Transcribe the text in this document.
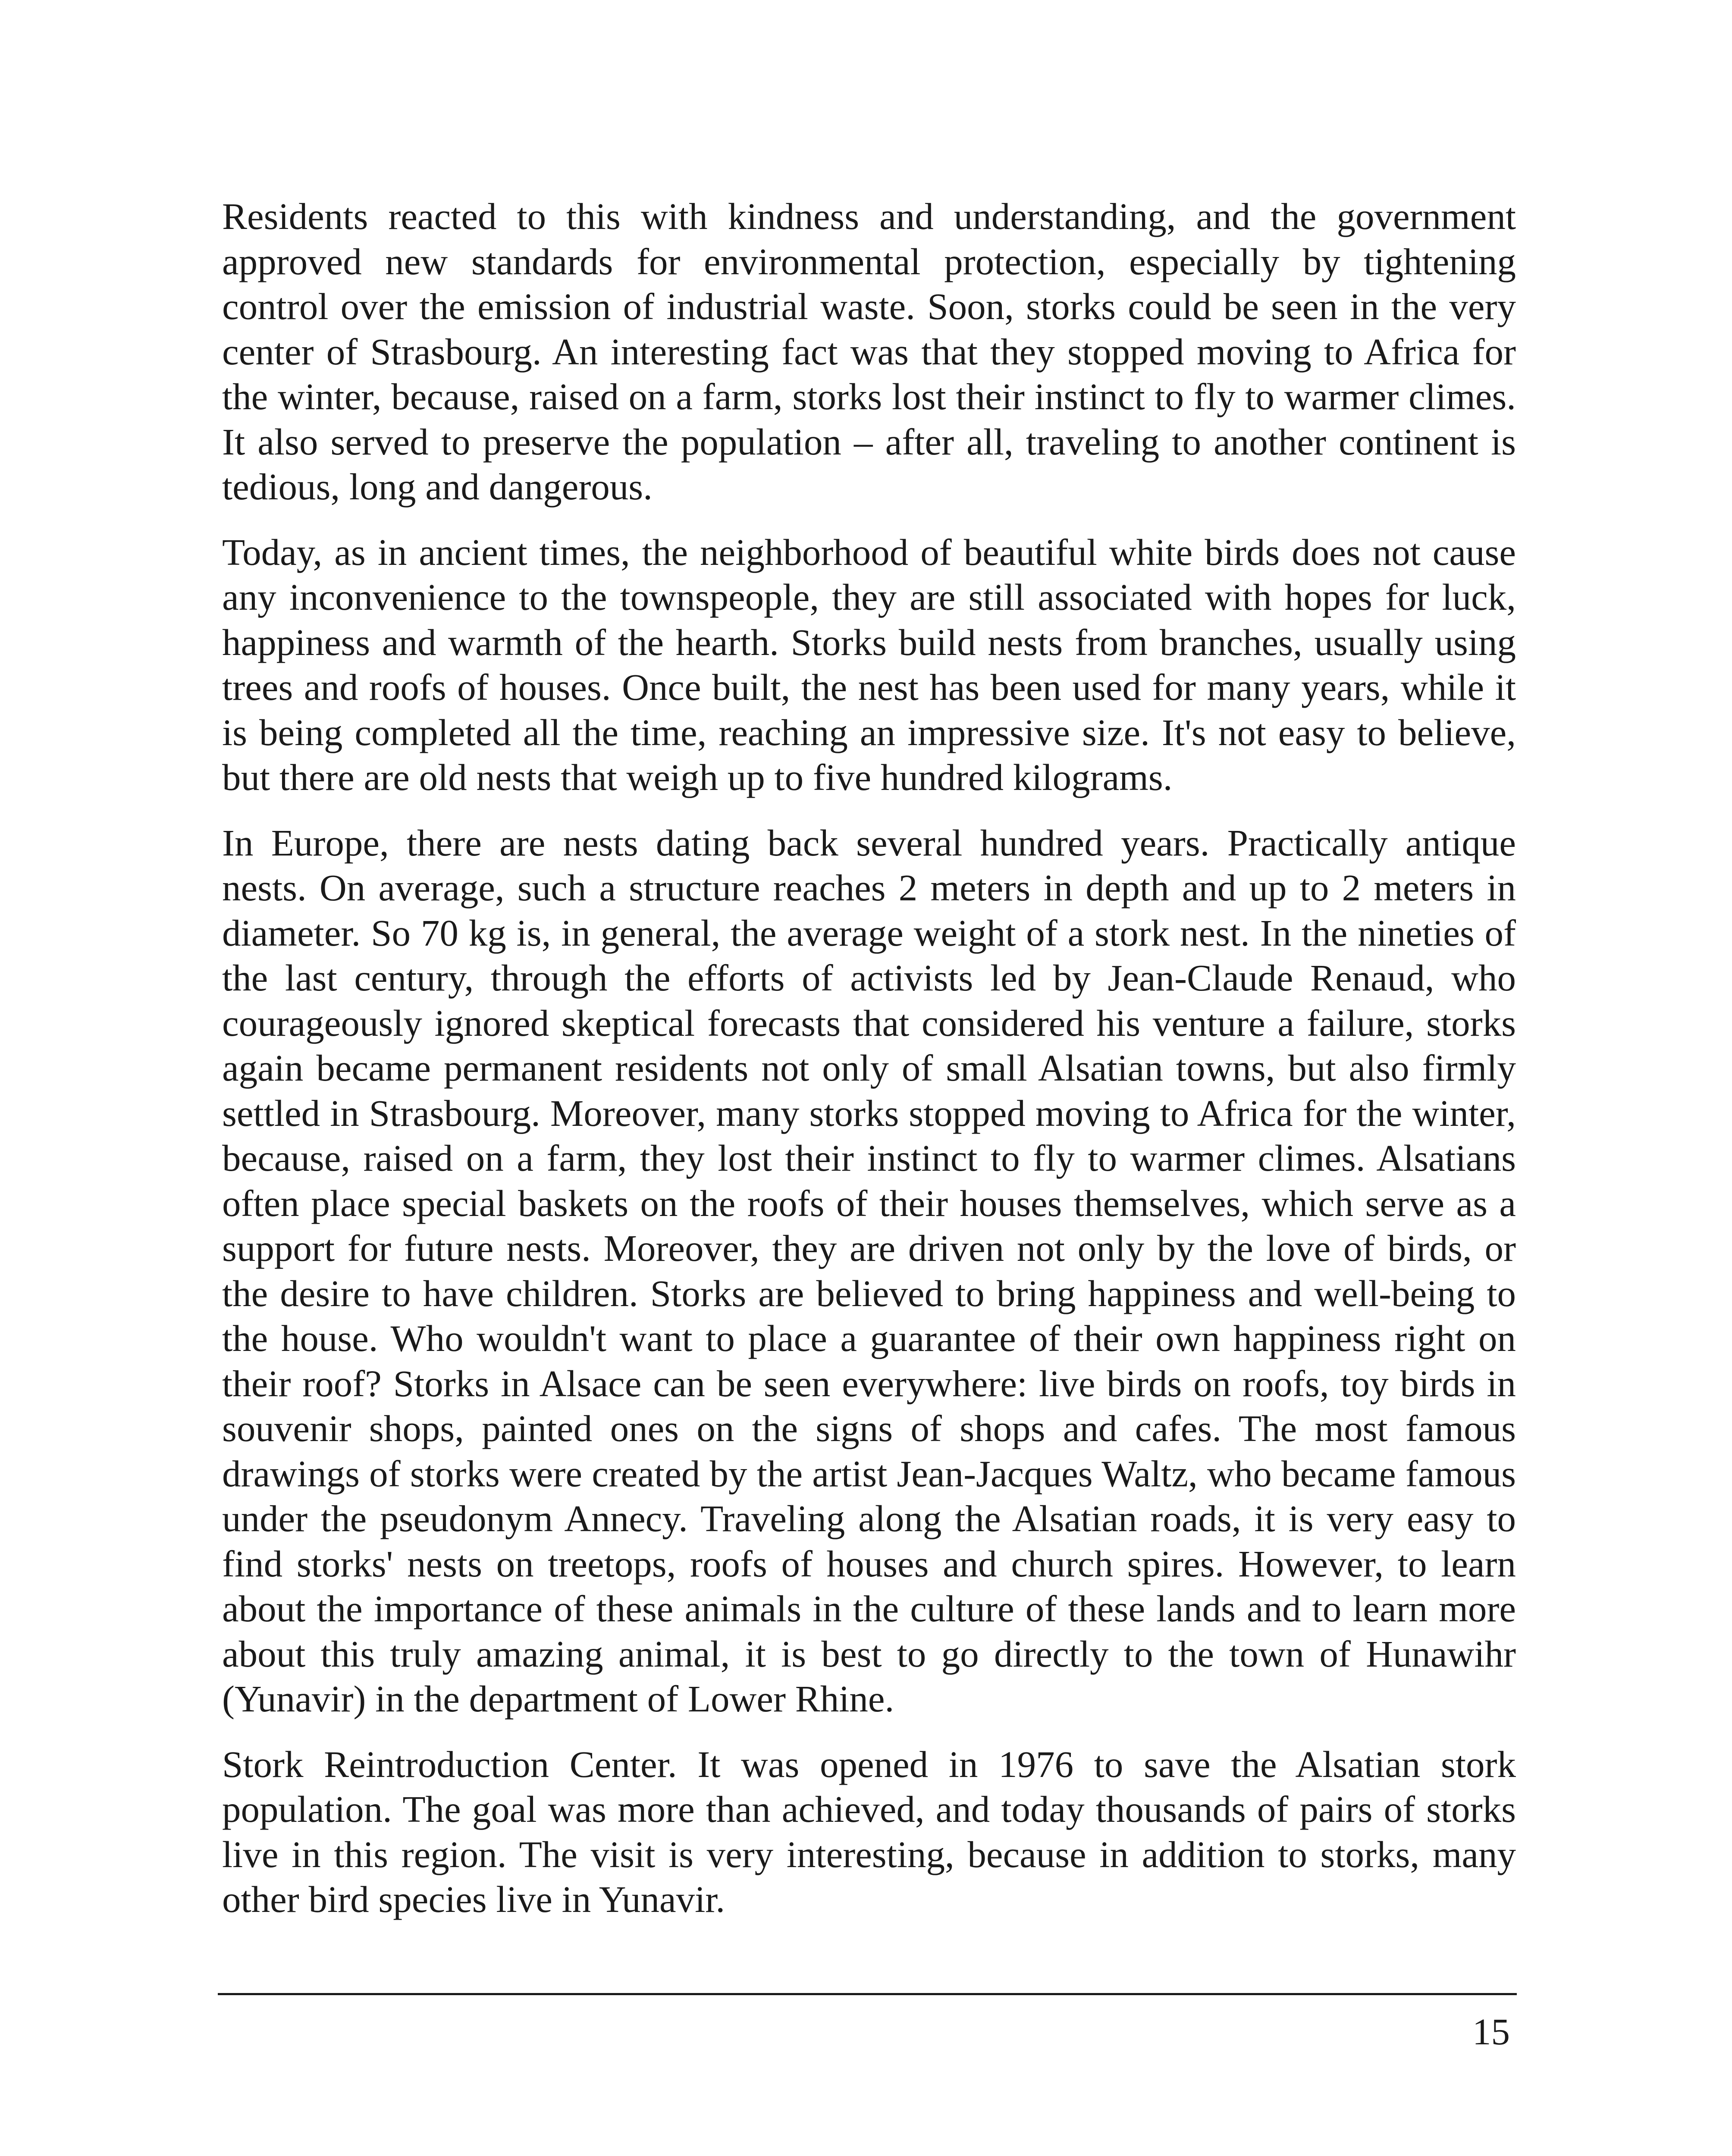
Residents reacted to this with kindness and understanding, and the government approved new standards for environmental protection, especially by tightening control over the emission of industrial waste. Soon, storks could be seen in the very center of Strasbourg. An interesting fact was that they stopped moving to Africa for the winter, because, raised on a farm, storks lost their instinct to fly to warmer climes. It also served to preserve the population – after all, traveling to another continent is tedious, long and dangerous.

Today, as in ancient times, the neighborhood of beautiful white birds does not cause any inconvenience to the townspeople, they are still associated with hopes for luck, happiness and warmth of the hearth. Storks build nests from branches, usually using trees and roofs of houses. Once built, the nest has been used for many years, while it is being completed all the time, reaching an impressive size. It's not easy to believe, but there are old nests that weigh up to five hundred kilograms.

In Europe, there are nests dating back several hundred years. Practically antique nests. On average, such a structure reaches 2 meters in depth and up to 2 meters in diameter. So 70 kg is, in general, the average weight of a stork nest. In the nineties of the last century, through the efforts of activists led by Jean-Claude Renaud, who courageously ignored skeptical forecasts that considered his venture a failure, storks again became permanent residents not only of small Alsatian towns, but also firmly settled in Strasbourg. Moreover, many storks stopped moving to Africa for the winter, because, raised on a farm, they lost their instinct to fly to warmer climes. Alsatians often place special baskets on the roofs of their houses themselves, which serve as a support for future nests. Moreover, they are driven not only by the love of birds, or the desire to have children. Storks are believed to bring happiness and well-being to the house. Who wouldn't want to place a guarantee of their own happiness right on their roof? Storks in Alsace can be seen everywhere: live birds on roofs, toy birds in souvenir shops, painted ones on the signs of shops and cafes. The most famous drawings of storks were created by the artist Jean-Jacques Waltz, who became famous under the pseudonym Annecy. Traveling along the Alsatian roads, it is very easy to find storks' nests on treetops, roofs of houses and church spires. However, to learn about the importance of these animals in the culture of these lands and to learn more about this truly amazing animal, it is best to go directly to the town of Hunawihr (Yunavir) in the department of Lower Rhine.

Stork Reintroduction Center. It was opened in 1976 to save the Alsatian stork population. The goal was more than achieved, and today thousands of pairs of storks live in this region. The visit is very interesting, because in addition to storks, many other bird species live in Yunavir.

15
